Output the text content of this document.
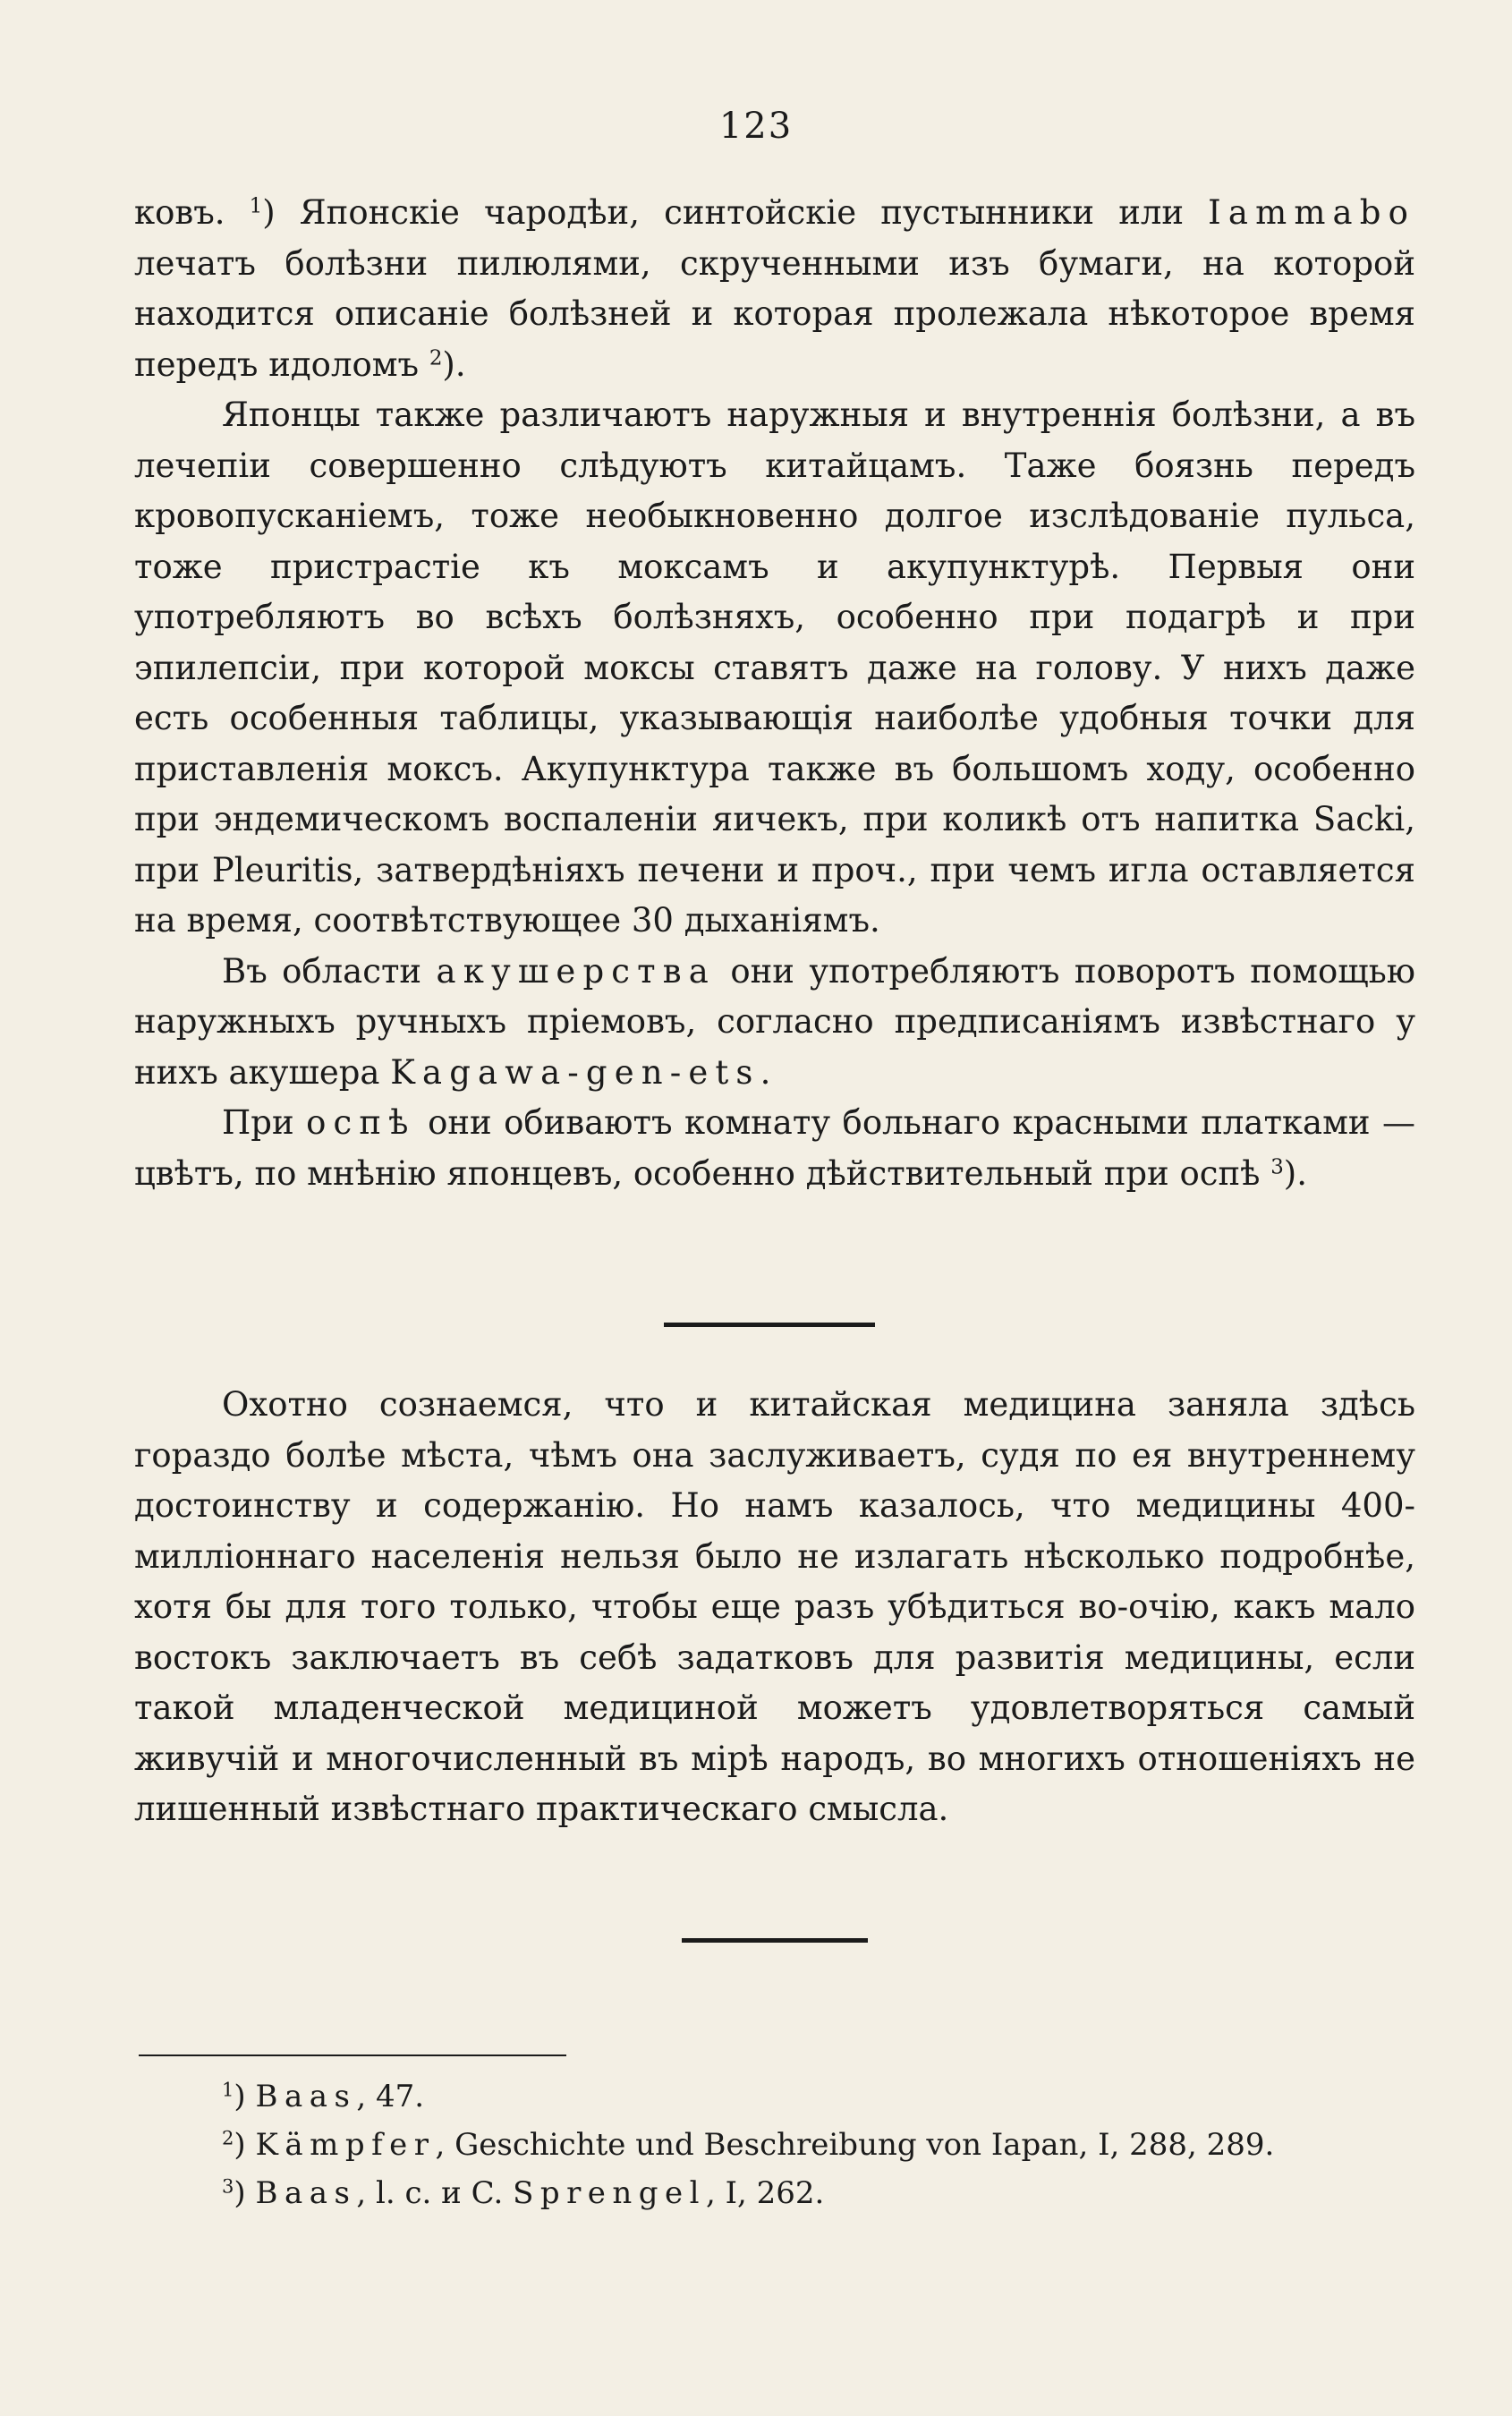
123

ковъ. $^1$) Японскіе чародѣи, синтойскіе пустынники или Iammabo лечатъ болѣзни пилюлями, скрученными изъ бумаги, на которой находится описаніе болѣзней и которая пролежала нѣкоторое время передъ идоломъ $^2$).

Японцы также различаютъ наружныя и внутреннія болѣзни, а въ лечепіи совершенно слѣдуютъ китайцамъ. Таже боязнь передъ кровопусканіемъ, тоже необыкновенно долгое изслѣдованіе пульса, тоже пристрастіе къ моксамъ и акупунктурѣ. Первыя они употребляютъ во всѣхъ болѣзняхъ, особенно при подагрѣ и при эпилепсіи, при которой моксы ставятъ даже на голову. У нихъ даже есть особенныя таблицы, указывающія наиболѣе удобныя точки для приставленія моксъ. Акупунктура также въ большомъ ходу, особенно при эндемическомъ воспаленіи яичекъ, при коликѣ отъ напитка Sacki, при Pleuritis, затвердѣніяхъ печени и проч., при чемъ игла оставляется на время, соотвѣтствующее 30 дыханіямъ.

Въ области акушерства они употребляютъ поворотъ помощью наружныхъ ручныхъ пріемовъ, согласно предписаніямъ извѣстнаго у нихъ акушера Kagawa-gen-ets.

При оспѣ они обиваютъ комнату больнаго красными платками — цвѣтъ, по мнѣнію японцевъ, особенно дѣйствительный при оспѣ $^3$).

Охотно сознаемся, что и китайская медицина заняла здѣсь гораздо болѣе мѣста, чѣмъ она заслуживаетъ, судя по ея внутреннему достоинству и содержанію. Но намъ казалось, что медицины 400-милліоннаго населенія нельзя было не излагать нѣсколько подробнѣе, хотя бы для того только, чтобы еще разъ убѣдиться во-очію, какъ мало востокъ заключаетъ въ себѣ задатковъ для развитія медицины, если такой младенческой медициной можетъ удовлетворяться самый живучій и многочисленный въ мірѣ народъ, во многихъ отношеніяхъ не лишенный извѣстнаго практическаго смысла.

$^1$) Baas, 47.
$^2$) Kämpfer, Geschichte und Beschreibung von Iapan, I, 288, 289.
$^3$) Baas, l. c. и C. Sprengel, I, 262.
